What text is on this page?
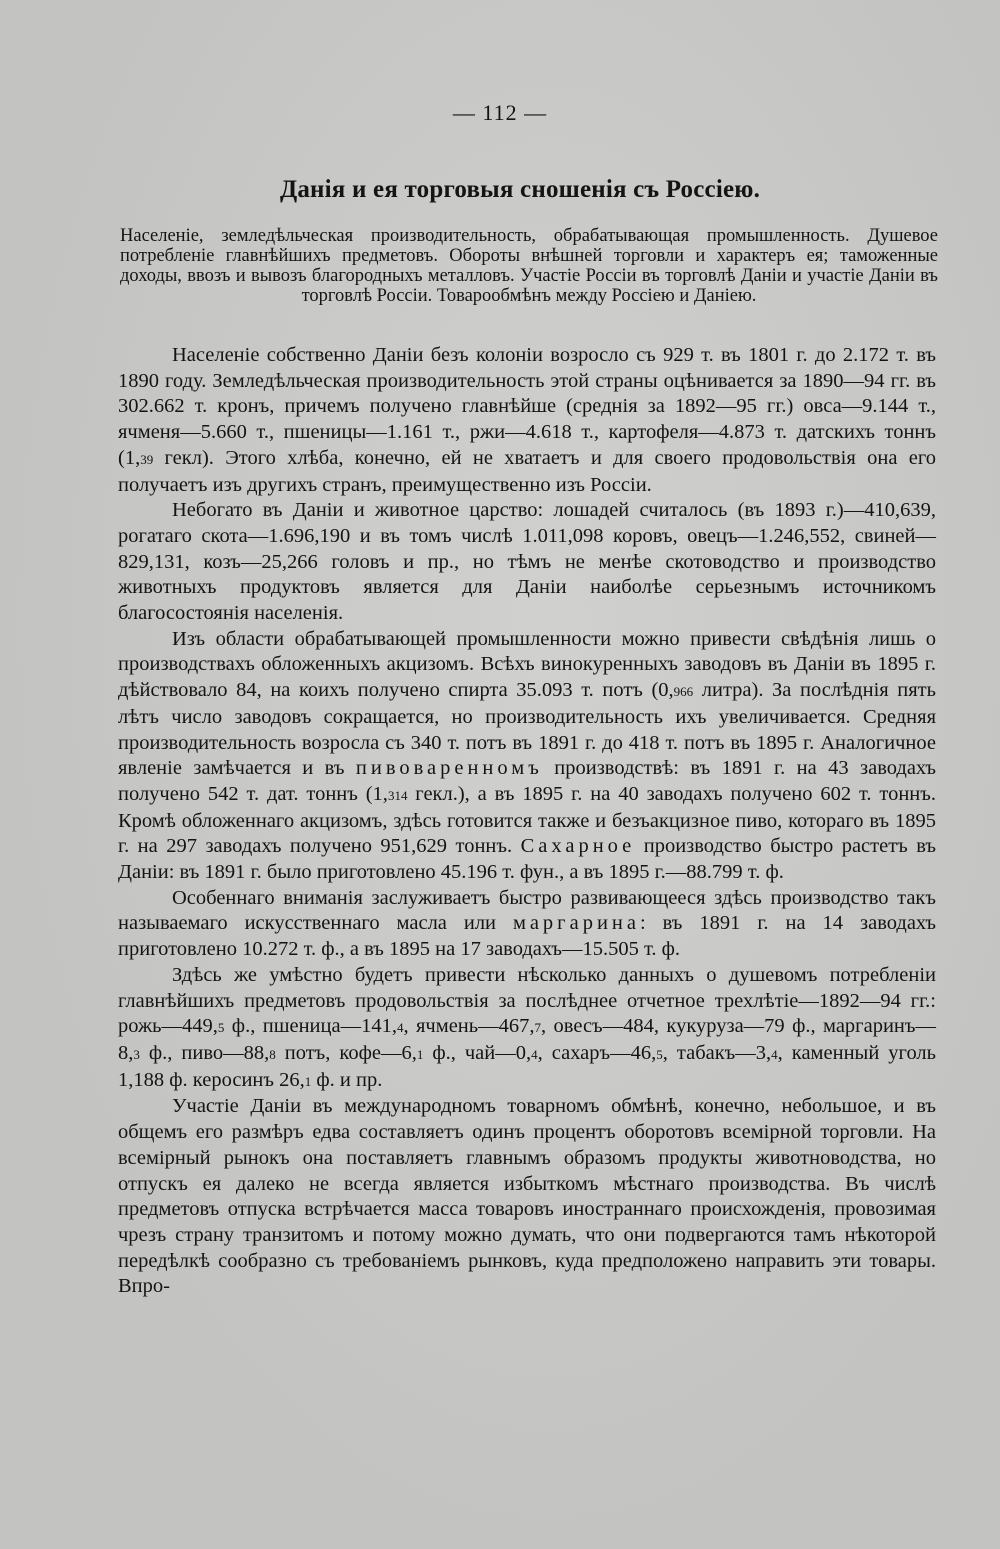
— 112 —
Данія и ея торговыя сношенія съ Россіею.
Населеніе, земледѣльческая производительность, обрабатывающая промышленность. Душевое потребленіе главнѣйшихъ предметовъ. Обороты внѣшней торговли и характеръ ея; таможенные доходы, ввозъ и вывозъ благородныхъ металловъ. Участіе Россіи въ торговлѣ Даніи и участіе Даніи въ торговлѣ Россіи. Товарообмѣнъ между Россіею и Даніею.

Населеніе собственно Даніи безъ колоніи возросло съ 929 т. въ 1801 г. до 2.172 т. въ 1890 году. Земледѣльческая производительность этой страны оцѣнивается за 1890—94 гг. въ 302.662 т. кронъ, причемъ получено главнѣйше (среднія за 1892—95 гг.) овса—9.144 т., ячменя—5.660 т., пшеницы—1.161 т., ржи—4.618 т., картофеля—4.873 т. датскихъ тоннъ (1,39 гекл). Этого хлѣба, конечно, ей не хватаетъ и для своего продовольствія она его получаетъ изъ другихъ странъ, преимущественно изъ Россіи.

Небогато въ Даніи и животное царство: лошадей считалось (въ 1893 г.)—410,639, рогатаго скота—1.696,190 и въ томъ числѣ 1.011,098 коровъ, овецъ—1.246,552, свиней—829,131, козъ—25,266 головъ и пр., но тѣмъ не менѣе скотоводство и производство животныхъ продуктовъ является для Даніи наиболѣе серьезнымъ источникомъ благосостоянія населенія.

Изъ области обрабатывающей промышленности можно привести свѣдѣнія лишь о производствахъ обложенныхъ акцизомъ. Всѣхъ винокуренныхъ заводовъ въ Даніи въ 1895 г. дѣйствовало 84, на коихъ получено спирта 35.093 т. потъ (0,966 литра). За послѣднія пять лѣтъ число заводовъ сокращается, но производительность ихъ увеличивается. Средняя производительность возросла съ 340 т. потъ въ 1891 г. до 418 т. потъ въ 1895 г. Аналогичное явленіе замѣчается и въ пивоваренномъ производствѣ: въ 1891 г. на 43 заводахъ получено 542 т. дат. тоннъ (1,314 гекл.), а въ 1895 г. на 40 заводахъ получено 602 т. тоннъ. Кромѣ обложеннаго акцизомъ, здѣсь готовится также и безъакцизное пиво, котораго въ 1895 г. на 297 заводахъ получено 951,629 тоннъ. Сахарное производство быстро растетъ въ Даніи: въ 1891 г. было приготовлено 45.196 т. фун., а въ 1895 г.—88.799 т. ф.

Особеннаго вниманія заслуживаетъ быстро развивающееся здѣсь производство такъ называемаго искусственнаго масла или маргарина: въ 1891 г. на 14 заводахъ приготовлено 10.272 т. ф., а въ 1895 на 17 заводахъ—15.505 т. ф.

Здѣсь же умѣстно будетъ привести нѣсколько данныхъ о душевомъ потребленіи главнѣйшихъ предметовъ продовольствія за послѣднее отчетное трехлѣтіе—1892—94 гг.: рожь—449,5 ф., пшеница—141,4, ячмень—467,7, овесъ—484, кукуруза—79 ф., маргаринъ—8,3 ф., пиво—88,8 потъ, кофе—6,1 ф., чай—0,4, сахаръ—46,5, табакъ—3,4, каменный уголь 1,188 ф. керосинъ 26,1 ф. и пр.

Участіе Даніи въ международномъ товарномъ обмѣнѣ, конечно, небольшое, и въ общемъ его размѣръ едва составляетъ одинъ процентъ оборотовъ всемірной торговли. На всемірный рынокъ она поставляетъ главнымъ образомъ продукты животноводства, но отпускъ ея далеко не всегда является избыткомъ мѣстнаго производства. Въ числѣ предметовъ отпуска встрѣчается масса товаровъ иностраннаго происхожденія, провозимая чрезъ страну транзитомъ и потому можно думать, что они подвергаются тамъ нѣкоторой передѣлкѣ сообразно съ требованіемъ рынковъ, куда предположено направить эти товары. Впро-
